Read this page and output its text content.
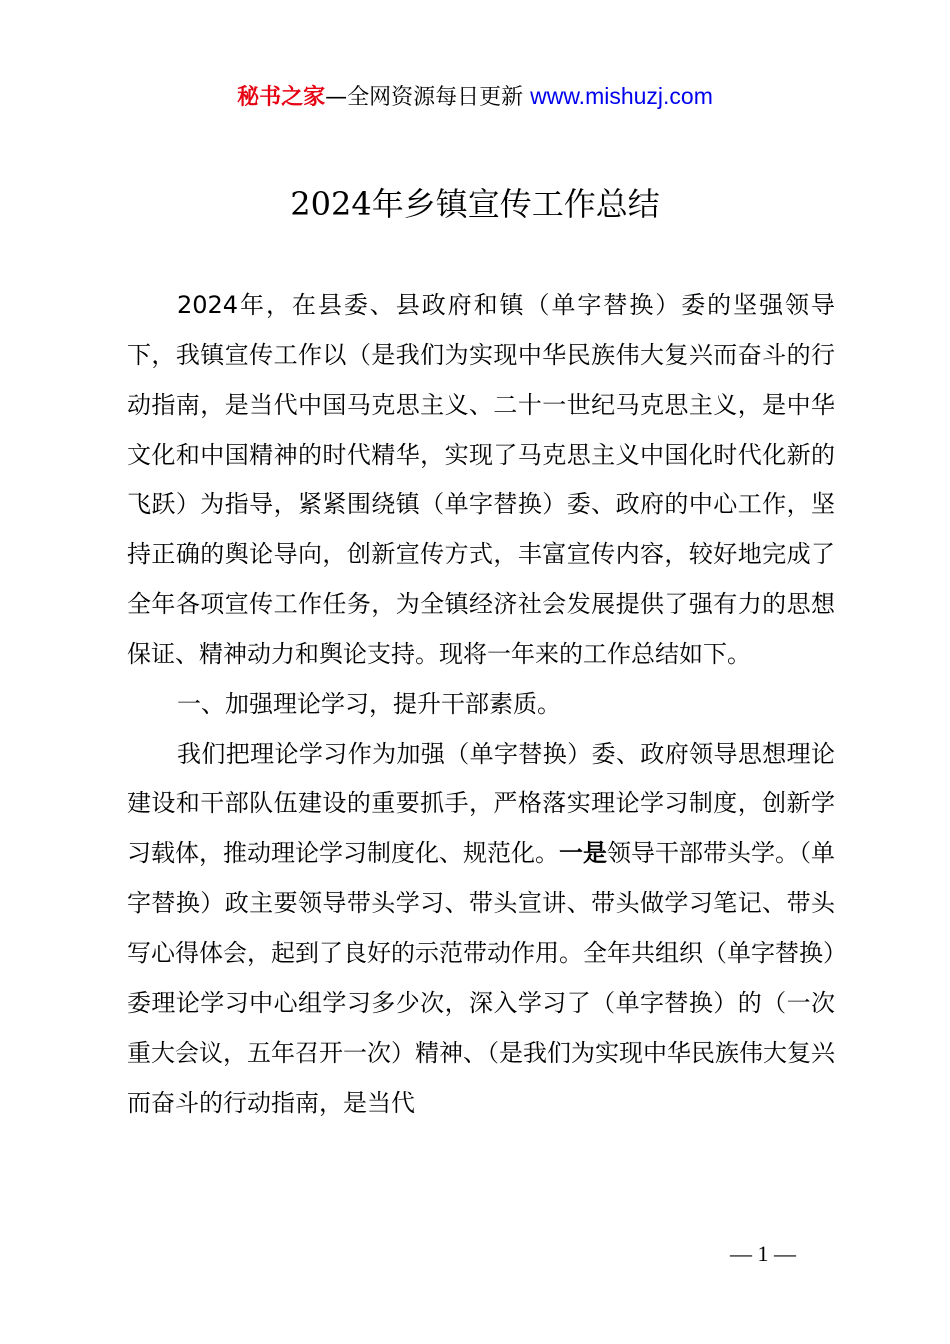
秘书之家—全网资源每日更新 www.mishuzj.com
2024年乡镇宣传工作总结

2024年，在县委、县政府和镇（单字替换）委的坚强领导下，我镇宣传工作以（是我们为实现中华民族伟大复兴而奋斗的行动指南，是当代中国马克思主义、二十一世纪马克思主义，是中华文化和中国精神的时代精华，实现了马克思主义中国化时代化新的飞跃）为指导，紧紧围绕镇（单字替换）委、政府的中心工作，坚持正确的舆论导向，创新宣传方式，丰富宣传内容，较好地完成了全年各项宣传工作任务，为全镇经济社会发展提供了强有力的思想保证、精神动力和舆论支持。现将一年来的工作总结如下。

一、加强理论学习，提升干部素质。

我们把理论学习作为加强（单字替换）委、政府领导思想理论建设和干部队伍建设的重要抓手，严格落实理论学习制度，创新学习载体，推动理论学习制度化、规范化。一是领导干部带头学。（单字替换）政主要领导带头学习、带头宣讲、带头做学习笔记、带头写心得体会，起到了良好的示范带动作用。全年共组织（单字替换）委理论学习中心组学习多少次，深入学习了（单字替换）的（一次重大会议，五年召开一次）精神、（是我们为实现中华民族伟大复兴而奋斗的行动指南，是当代

— 1 —
